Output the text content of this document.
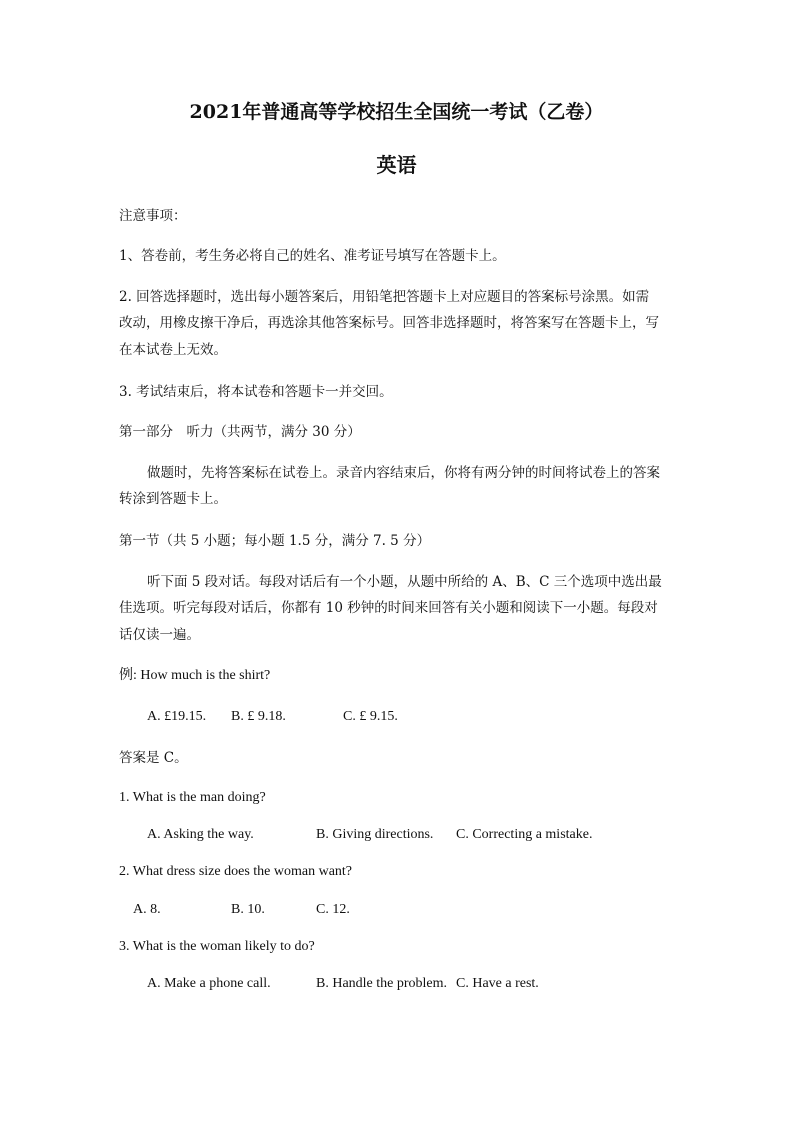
2021年普通高等学校招生全国统一考试（乙卷）
英语
注意事项：
1、答卷前，考生务必将自己的姓名、准考证号填写在答题卡上。
2. 回答选择题时，选出每小题答案后，用铅笔把答题卡上对应题目的答案标号涂黑。如需
改动，用橡皮擦干净后，再选涂其他答案标号。回答非选择题时，将答案写在答题卡上，写
在本试卷上无效。
3. 考试结束后，将本试卷和答题卡一并交回。
第一部分　听力（共两节，满分 30 分）
做题时，先将答案标在试卷上。录音内容结束后，你将有两分钟的时间将试卷上的答案
转涂到答题卡上。
第一节（共 5 小题；每小题 1.5 分，满分 7. 5 分）
听下面 5 段对话。每段对话后有一个小题，从题中所给的 A、B、C 三个选项中选出最
佳选项。听完每段对话后，你都有 10 秒钟的时间来回答有关小题和阅读下一小题。每段对
话仅读一遍。
例: How much is the shirt?
A. £19.15. B. £ 9.18.	C. £ 9.15.
答案是 C。
1. What is the man doing?
A. Asking the way.	B. Giving directions. C. Correcting a mistake.
2. What dress size does the woman want?
A. 8.	B. 10.	C. 12.
3. What is the woman likely to do?
A. Make a phone call.	B. Handle the problem. C. Have a rest.
